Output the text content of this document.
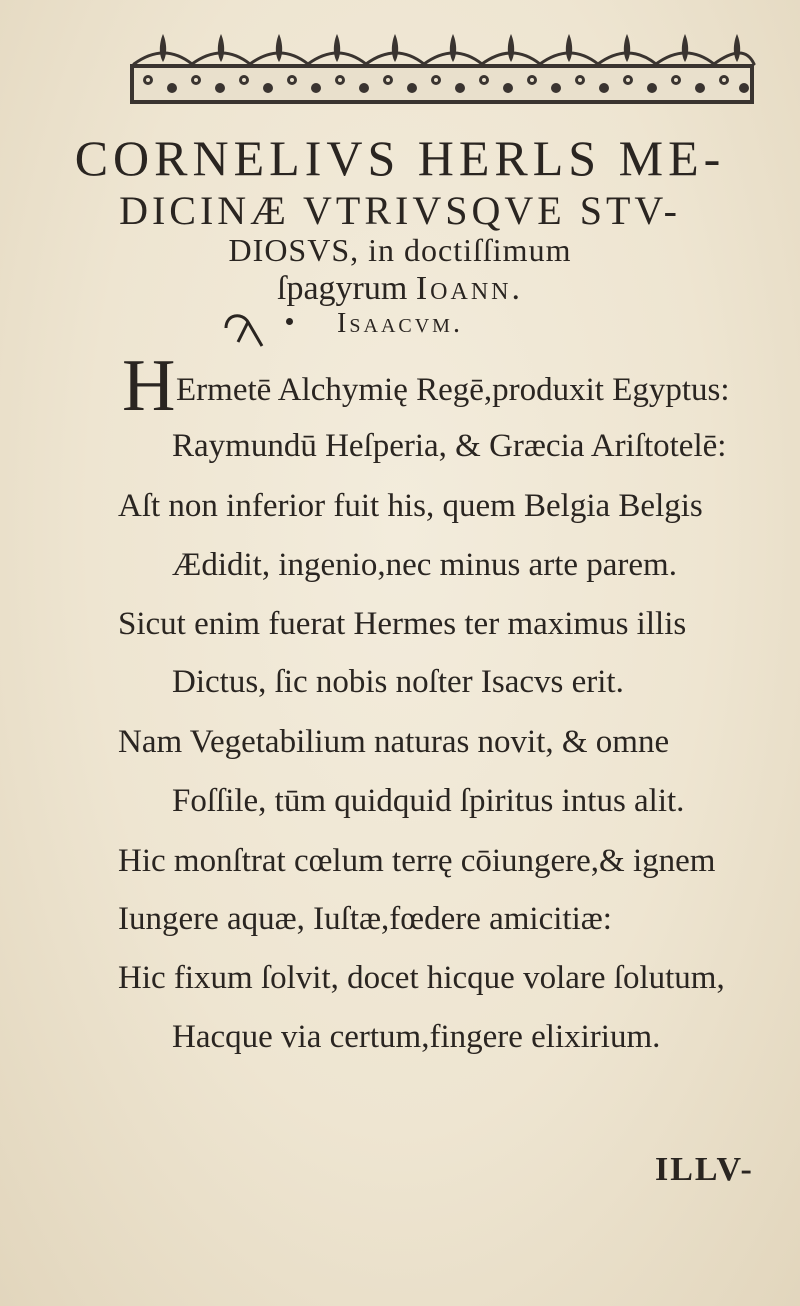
CORNELIVS HERLS ME-
DICINÆ VTRIVSQVE STV-
DIOSVS, in doctiſſimum
ſpagyrum Ioann.
Isaacvm.
H Ermetē Alchymię Regē,produxit Egyptus:
Raymundū Heſperia, & Græcia Ariſtotelē:
Aſt non inferior fuit his, quem Belgia Belgis
Ædidit, ingenio,nec minus arte parem.
Sicut enim fuerat Hermes ter maximus illis
Dictus, ſic nobis noſter Isacvs erit.
Nam Vegetabilium naturas novit, & omne
Foſſile, tūm quidquid ſpiritus intus alit.
Hic monſtrat cœlum terrę cōiungere,& ignem
Iungere aquæ, Iuſtæ,fœdere amicitiæ:
Hic fixum ſolvit, docet hicque volare ſolutum,
Hacque via certum,fingere elixirium.
ILLV-
